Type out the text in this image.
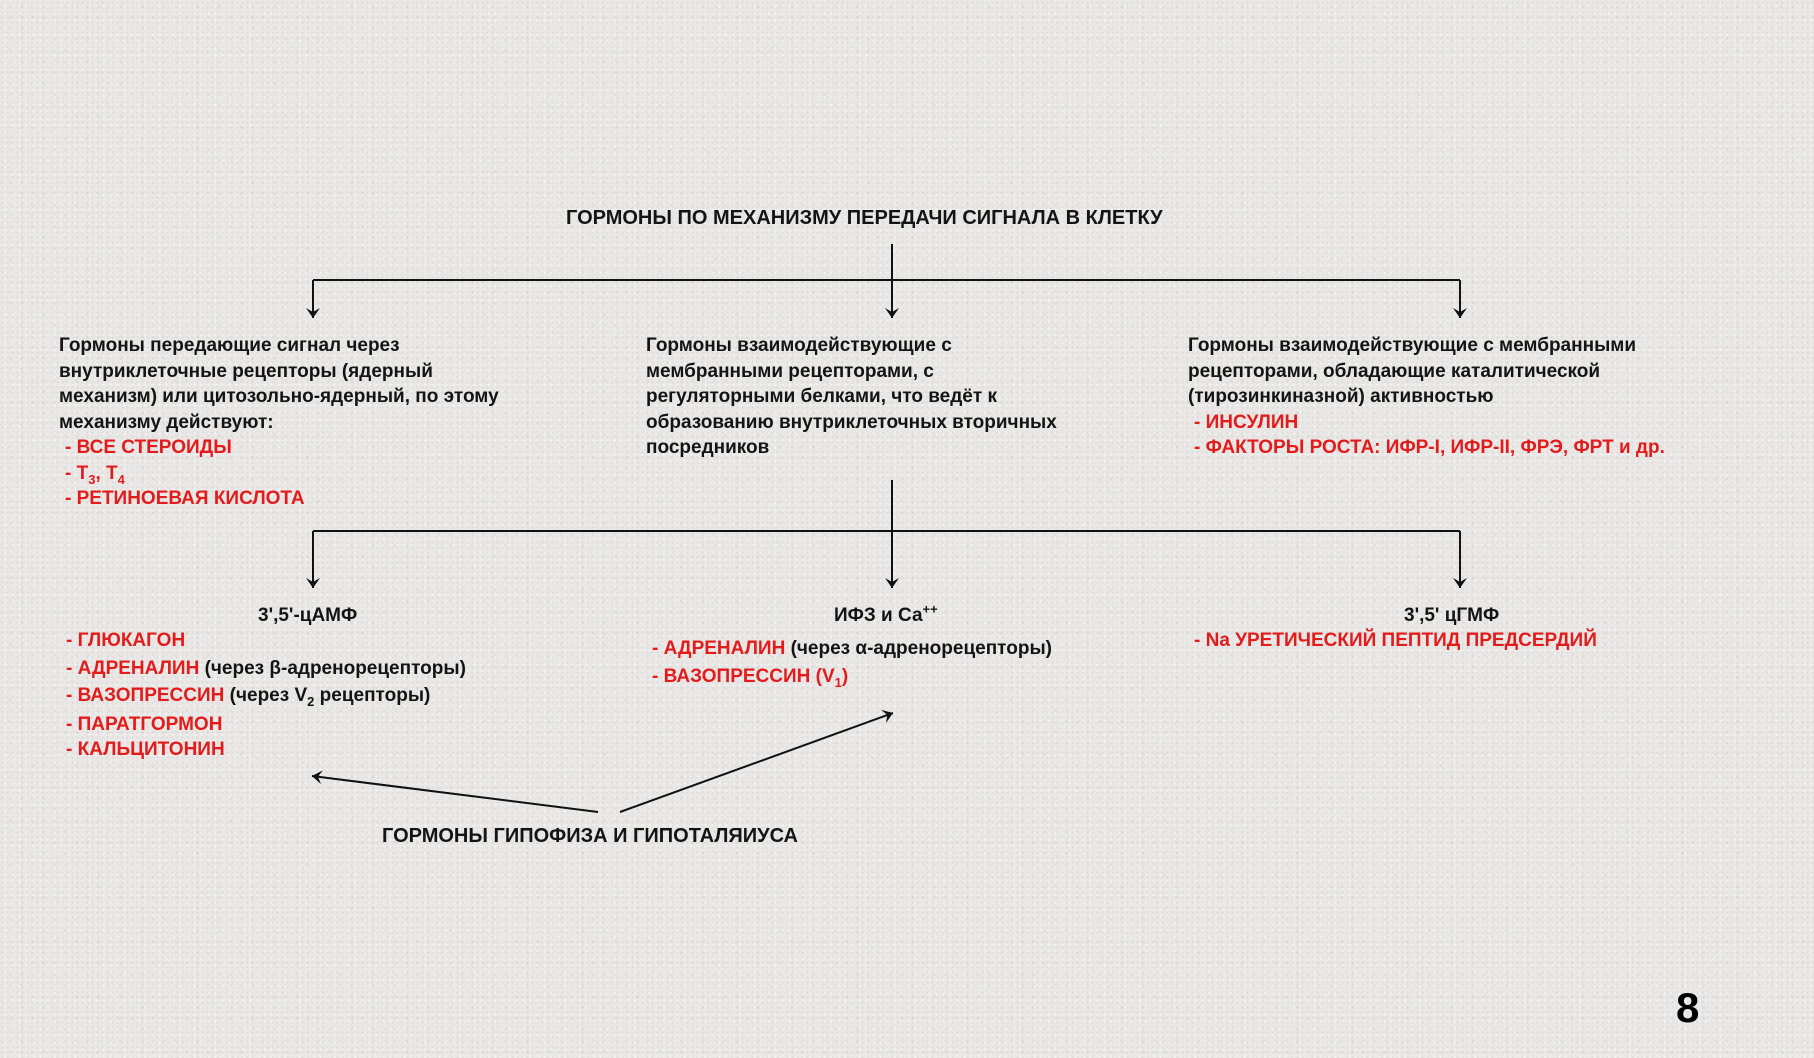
ГОРМОНЫ ПО МЕХАНИЗМУ ПЕРЕДАЧИ СИГНАЛА В КЛЕТКУ
Гормоны передающие сигнал через
внутриклеточные рецепторы (ядерный
механизм) или цитозольно-ядерный, по этому
механизму действуют:
- ВСЕ СТЕРОИДЫ
- $Т_3$, $Т_4$
- РЕТИНОЕВАЯ КИСЛОТА
Гормоны взаимодействующие с
мембранными рецепторами, с
регуляторными белками, что ведёт к
образованию внутриклеточных вторичных
посредников
Гормоны взаимодействующие с мембранными
рецепторами, обладающие каталитической
(тирозинкиназной) активностью
- ИНСУЛИН
- ФАКТОРЫ РОСТА: ИФР-I, ИФР-II, ФРЭ, ФРТ и др.
3',5'-цАМФ
- ГЛЮКАГОН
- АДРЕНАЛИН (через β-адренорецепторы)
- ВАЗОПРЕССИН (через $V_2$ рецепторы)
- ПАРАТГОРМОН
- КАЛЬЦИТОНИН
ИФЗ и Са++
- АДРЕНАЛИН (через α-адренорецепторы)
- ВАЗОПРЕССИН $(V_1)$
3',5' цГМФ
- Na УРЕТИЧЕСКИЙ ПЕПТИД ПРЕДСЕРДИЙ
ГОРМОНЫ ГИПОФИЗА И ГИПОТАЛЯИУСА
8
